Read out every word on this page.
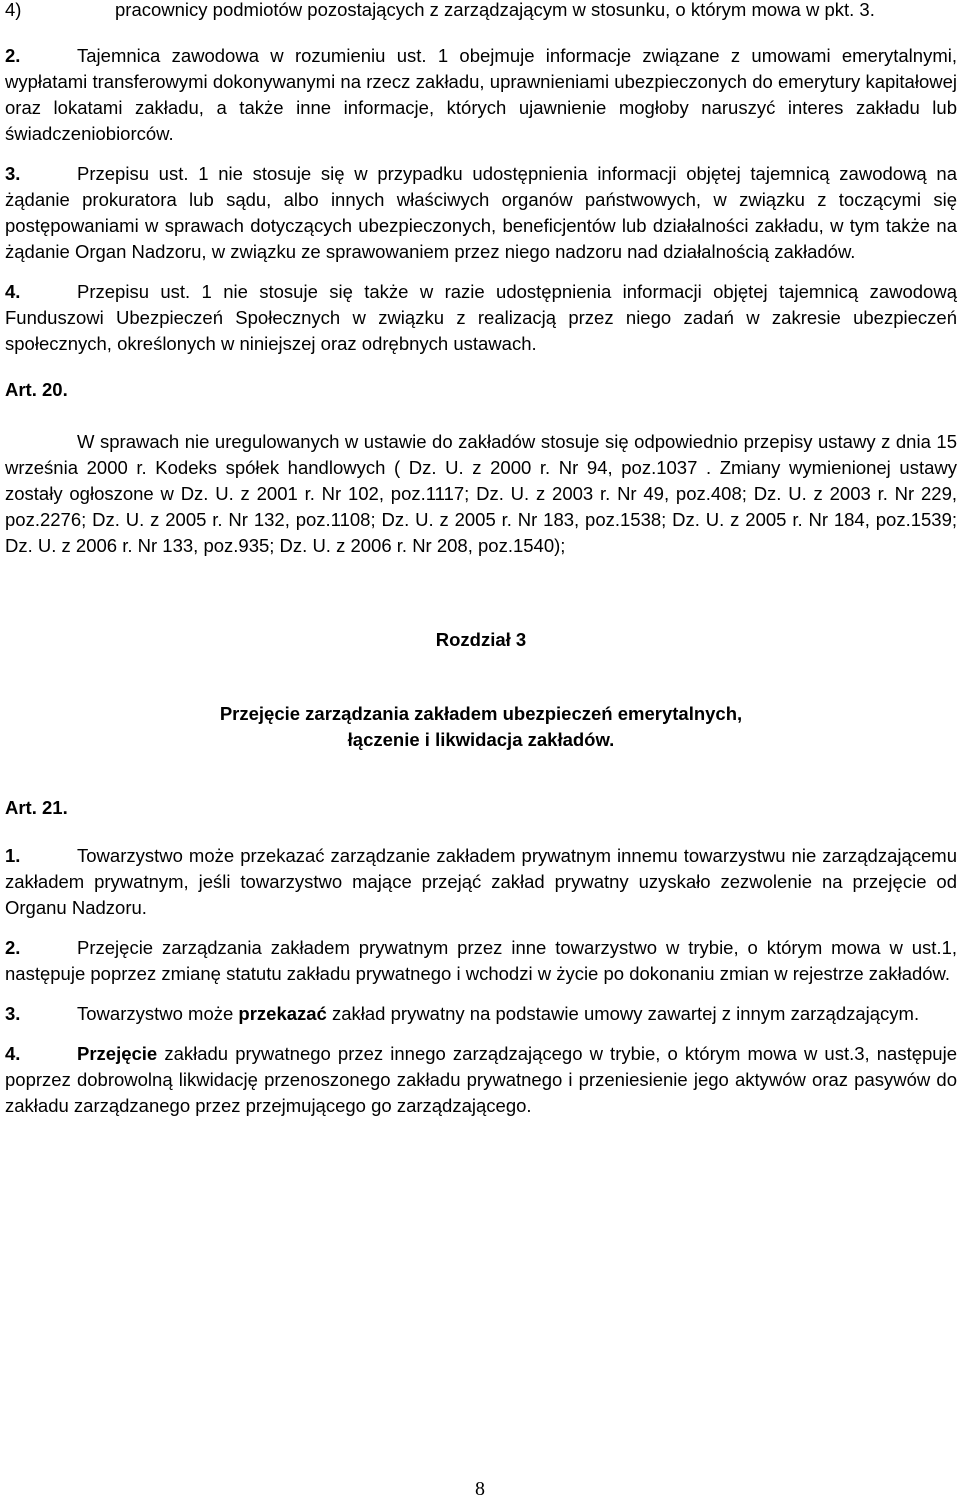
4)	pracownicy podmiotów pozostających z zarządzającym w stosunku, o którym mowa w pkt. 3.

2.	Tajemnica zawodowa w rozumieniu ust. 1 obejmuje informacje związane z umowami emerytalnymi, wypłatami transferowymi dokonywanymi na rzecz zakładu, uprawnieniami ubezpieczonych do emerytury kapitałowej oraz lokatami zakładu, a także inne informacje, których ujawnienie mogłoby naruszyć interes zakładu lub świadczeniobiorców.

3.	Przepisu ust. 1 nie stosuje się w przypadku udostępnienia informacji objętej tajemnicą zawodową na żądanie prokuratora lub sądu, albo innych właściwych organów państwowych, w związku z toczącymi się postępowaniami w sprawach dotyczących ubezpieczonych, beneficjentów lub działalności zakładu, w tym także na żądanie Organ Nadzoru, w związku ze sprawowaniem przez niego nadzoru nad działalnością zakładów.

4.	Przepisu ust. 1 nie stosuje się także w razie udostępnienia informacji objętej tajemnicą zawodową Funduszowi Ubezpieczeń Społecznych w związku z realizacją przez niego zadań w zakresie ubezpieczeń społecznych, określonych w niniejszej oraz odrębnych ustawach.

Art. 20.

W sprawach nie uregulowanych w ustawie do zakładów stosuje się odpowiednio przepisy ustawy z dnia 15 września 2000 r. Kodeks spółek handlowych ( Dz. U. z 2000 r. Nr 94, poz.1037 . Zmiany wymienionej ustawy zostały ogłoszone w Dz. U. z 2001 r. Nr 102, poz.1117; Dz. U. z 2003 r. Nr 49, poz.408; Dz. U. z 2003 r. Nr 229, poz.2276; Dz. U. z 2005 r. Nr 132, poz.1108; Dz. U. z 2005 r. Nr 183, poz.1538; Dz. U. z 2005 r. Nr 184, poz.1539; Dz. U. z 2006 r. Nr 133, poz.935; Dz. U. z 2006 r. Nr 208, poz.1540);

Rozdział 3

Przejęcie zarządzania zakładem ubezpieczeń emerytalnych,

łączenie i likwidacja zakładów.

Art. 21.

1.	Towarzystwo może przekazać zarządzanie zakładem prywatnym innemu towarzystwu nie zarządzającemu zakładem prywatnym, jeśli towarzystwo mające przejąć zakład prywatny uzyskało zezwolenie na przejęcie od Organu Nadzoru.

2.	Przejęcie zarządzania zakładem prywatnym przez inne towarzystwo w trybie, o którym mowa w ust.1, następuje poprzez zmianę statutu zakładu prywatnego i wchodzi w życie po dokonaniu zmian w rejestrze zakładów.

3.	Towarzystwo może przekazać zakład prywatny na podstawie umowy zawartej z innym zarządzającym.

4.	Przejęcie zakładu prywatnego przez innego zarządzającego w trybie, o którym mowa w ust.3, następuje poprzez dobrowolną likwidację przenoszonego zakładu prywatnego i przeniesienie jego aktywów oraz pasywów do zakładu zarządzanego przez przejmującego go zarządzającego.

8
